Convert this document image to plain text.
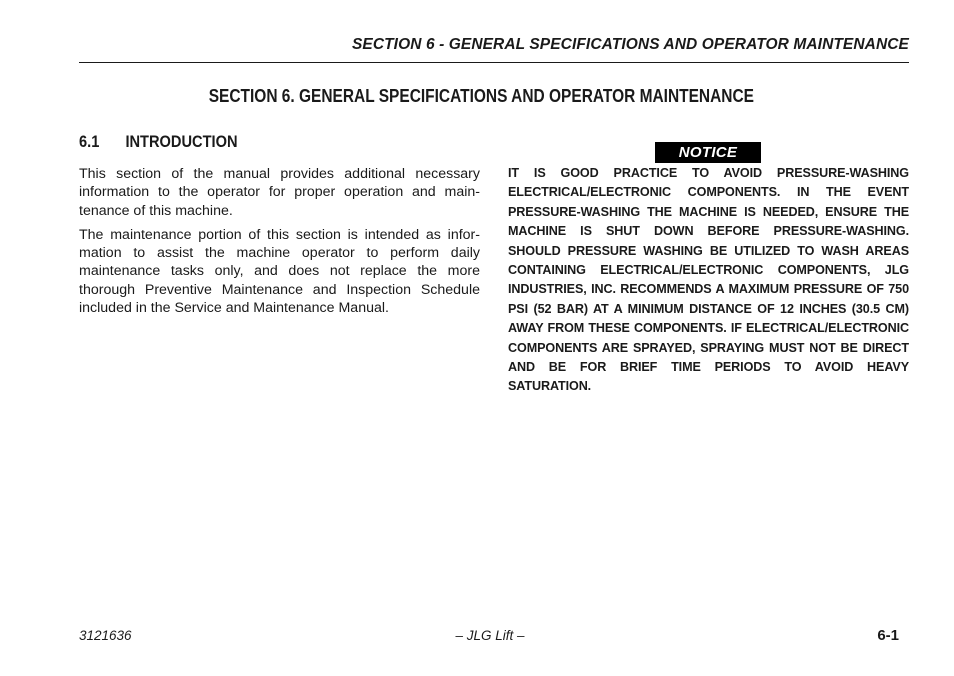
SECTION 6 - GENERAL SPECIFICATIONS AND OPERATOR MAINTENANCE
SECTION 6. GENERAL SPECIFICATIONS AND OPERATOR MAINTENANCE
6.1 INTRODUCTION

This section of the manual provides additional necessary information to the operator for proper operation and maintenance of this machine.

The maintenance portion of this section is intended as information to assist the machine operator to perform daily maintenance tasks only, and does not replace the more thorough Preventive Maintenance and Inspection Schedule included in the Service and Maintenance Manual.

NOTICE
IT IS GOOD PRACTICE TO AVOID PRESSURE-WASHING ELECTRICAL/ELECTRONIC COMPONENTS. IN THE EVENT PRESSURE-WASHING THE MACHINE IS NEEDED, ENSURE THE MACHINE IS SHUT DOWN BEFORE PRESSURE-WASHING. SHOULD PRESSURE WASHING BE UTILIZED TO WASH AREAS CONTAINING ELECTRICAL/ELECTRONIC COMPONENTS, JLG INDUSTRIES, INC. RECOMMENDS A MAXIMUM PRESSURE OF 750 PSI (52 BAR) AT A MINIMUM DISTANCE OF 12 INCHES (30.5 CM) AWAY FROM THESE COMPONENTS. IF ELECTRICAL/ELECTRONIC COMPONENTS ARE SPRAYED, SPRAYING MUST NOT BE DIRECT AND BE FOR BRIEF TIME PERIODS TO AVOID HEAVY SATURATION.
3121636	– JLG Lift –	6-1
